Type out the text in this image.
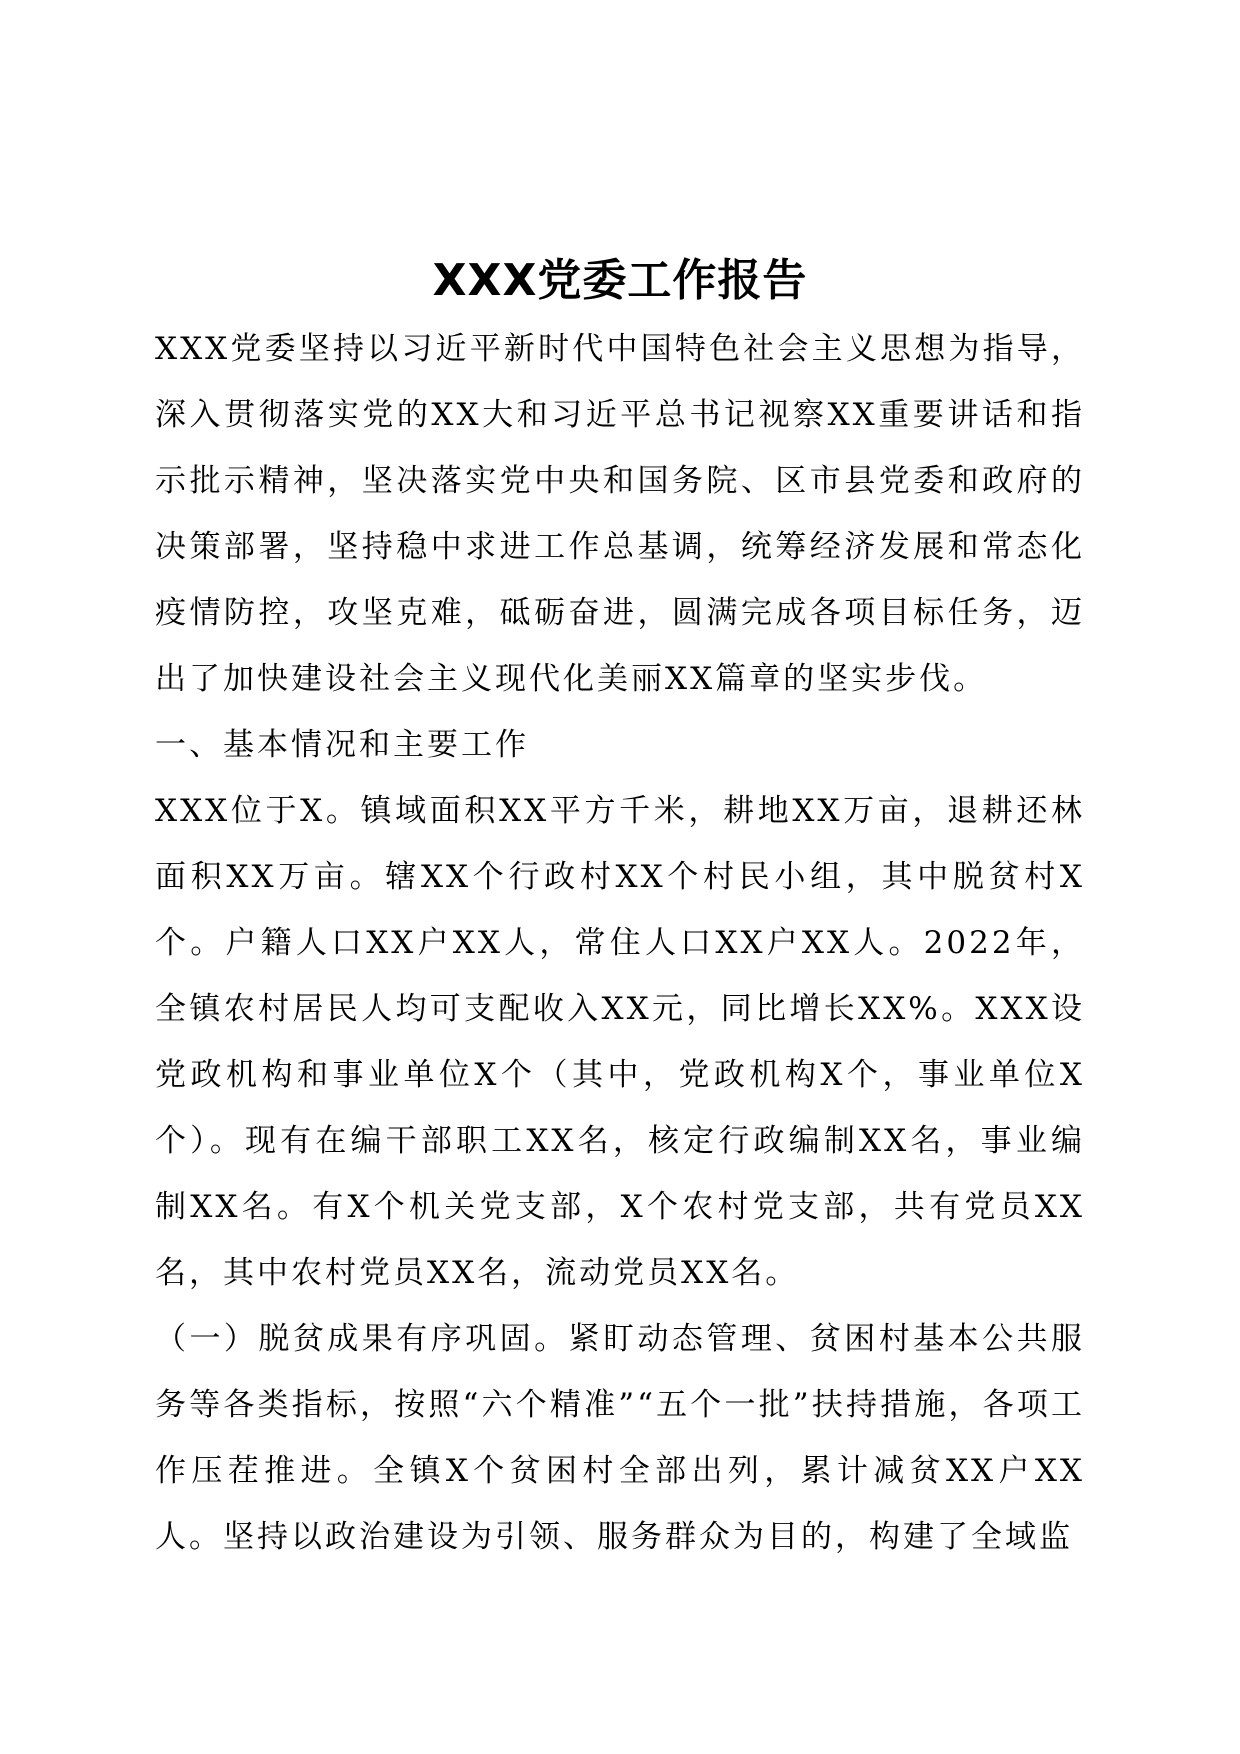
XXX党委工作报告

XXX党委坚持以习近平新时代中国特色社会主义思想为指导，深入贯彻落实党的XX大和习近平总书记视察XX重要讲话和指示批示精神，坚决落实党中央和国务院、区市县党委和政府的决策部署，坚持稳中求进工作总基调，统筹经济发展和常态化疫情防控，攻坚克难，砥砺奋进，圆满完成各项目标任务，迈出了加快建设社会主义现代化美丽XX篇章的坚实步伐。

一、基本情况和主要工作

XXX位于X。镇域面积XX平方千米，耕地XX万亩，退耕还林面积XX万亩。辖XX个行政村XX个村民小组，其中脱贫村X个。户籍人口XX户XX人，常住人口XX户XX人。2022年，全镇农村居民人均可支配收入XX元，同比增长XX%。XXX设党政机构和事业单位X个（其中，党政机构X个，事业单位X个）。现有在编干部职工XX名，核定行政编制XX名，事业编制XX名。有X个机关党支部，X个农村党支部，共有党员XX名，其中农村党员XX名，流动党员XX名。

（一）脱贫成果有序巩固。紧盯动态管理、贫困村基本公共服务等各类指标，按照“六个精准”“五个一批”扶持措施，各项工作压茬推进。全镇X个贫困村全部出列，累计减贫XX户XX人。坚持以政治建设为引领、服务群众为目的，构建了全域监
